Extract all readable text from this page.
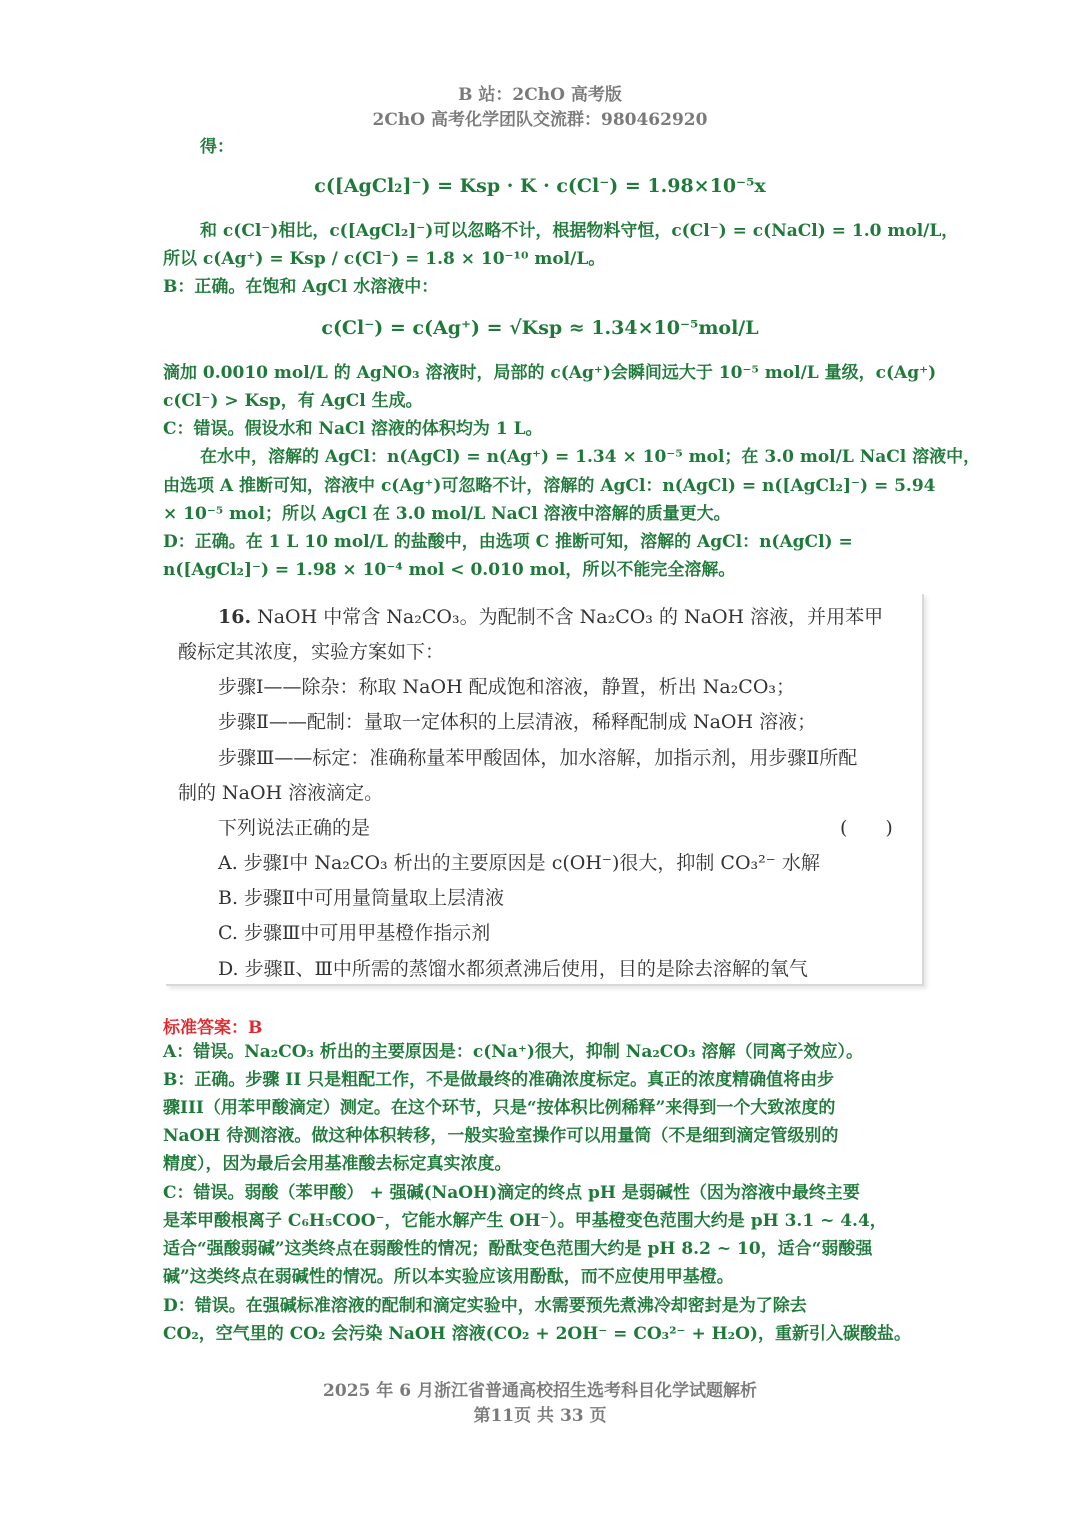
B 站：2ChO 高考版
2ChO 高考化学团队交流群：980462920
得：
c([AgCl₂]⁻) = Ksp · K · c(Cl⁻) = 1.98×10⁻⁵x
和 c(Cl⁻)相比，c([AgCl₂]⁻)可以忽略不计，根据物料守恒，c(Cl⁻) = c(NaCl) = 1.0 mol/L，
所以 c(Ag⁺) = Ksp / c(Cl⁻) = 1.8 × 10⁻¹⁰ mol/L。
B：正确。在饱和 AgCl 水溶液中：
c(Cl⁻) = c(Ag⁺) = √Ksp ≈ 1.34×10⁻⁵mol/L
滴加 0.0010 mol/L 的 AgNO₃ 溶液时，局部的 c(Ag⁺)会瞬间远大于 10⁻⁵ mol/L 量级，c(Ag⁺)
c(Cl⁻) > Ksp，有 AgCl 生成。
C：错误。假设水和 NaCl 溶液的体积均为 1 L。
在水中，溶解的 AgCl：n(AgCl) = n(Ag⁺) = 1.34 × 10⁻⁵ mol；在 3.0 mol/L NaCl 溶液中，
由选项 A 推断可知，溶液中 c(Ag⁺)可忽略不计，溶解的 AgCl：n(AgCl) = n([AgCl₂]⁻) = 5.94
× 10⁻⁵ mol；所以 AgCl 在 3.0 mol/L NaCl 溶液中溶解的质量更大。
D：正确。在 1 L 10 mol/L 的盐酸中，由选项 C 推断可知，溶解的 AgCl：n(AgCl) =
n([AgCl₂]⁻) = 1.98 × 10⁻⁴ mol < 0.010 mol，所以不能完全溶解。
16. NaOH 中常含 Na₂CO₃。为配制不含 Na₂CO₃ 的 NaOH 溶液，并用苯甲
酸标定其浓度，实验方案如下：
步骤Ⅰ——除杂：称取 NaOH 配成饱和溶液，静置，析出 Na₂CO₃；
步骤Ⅱ——配制：量取一定体积的上层清液，稀释配制成 NaOH 溶液；
步骤Ⅲ——标定：准确称量苯甲酸固体，加水溶解，加指示剂，用步骤Ⅱ所配
制的 NaOH 溶液滴定。
下列说法正确的是	(　　)
A. 步骤Ⅰ中 Na₂CO₃ 析出的主要原因是 c(OH⁻)很大，抑制 CO₃²⁻ 水解
B. 步骤Ⅱ中可用量筒量取上层清液
C. 步骤Ⅲ中可用甲基橙作指示剂
D. 步骤Ⅱ、Ⅲ中所需的蒸馏水都须煮沸后使用，目的是除去溶解的氧气
标准答案：B
A：错误。Na₂CO₃ 析出的主要原因是：c(Na⁺)很大，抑制 Na₂CO₃ 溶解（同离子效应）。
B：正确。步骤 II 只是粗配工作，不是做最终的准确浓度标定。真正的浓度精确值将由步
骤III（用苯甲酸滴定）测定。在这个环节，只是“按体积比例稀释”来得到一个大致浓度的
NaOH 待测溶液。做这种体积转移，一般实验室操作可以用量筒（不是细到滴定管级别的
精度），因为最后会用基准酸去标定真实浓度。
C：错误。弱酸（苯甲酸） + 强碱(NaOH)滴定的终点 pH 是弱碱性（因为溶液中最终主要
是苯甲酸根离子 C₆H₅COO⁻，它能水解产生 OH⁻）。甲基橙变色范围大约是 pH 3.1 ~ 4.4，
适合“强酸弱碱”这类终点在弱酸性的情况；酚酞变色范围大约是 pH 8.2 ~ 10，适合“弱酸强
碱”这类终点在弱碱性的情况。所以本实验应该用酚酞，而不应使用甲基橙。
D：错误。在强碱标准溶液的配制和滴定实验中，水需要预先煮沸冷却密封是为了除去
CO₂，空气里的 CO₂ 会污染 NaOH 溶液(CO₂ + 2OH⁻ = CO₃²⁻ + H₂O)，重新引入碳酸盐。
2025 年 6 月浙江省普通高校招生选考科目化学试题解析
第11页 共 33 页
